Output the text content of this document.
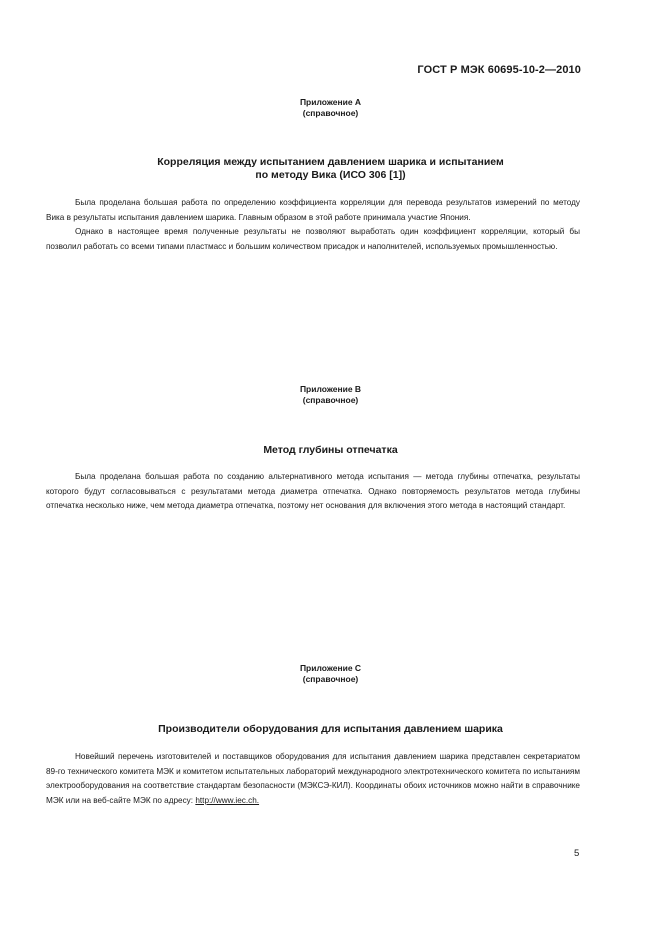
ГОСТ Р МЭК 60695-10-2—2010
Приложение А
(справочное)
Корреляция между испытанием давлением шарика и испытанием
по методу Вика (ИСО 306 [1])

Была проделана большая работа по определению коэффициента корреляции для перевода результатов измерений по методу Вика в результаты испытания давлением шарика. Главным образом в этой работе принимала участие Япония.

Однако в настоящее время полученные результаты не позволяют выработать один коэффициент корреляции, который бы позволил работать со всеми типами пластмасс и большим количеством присадок и наполнителей, используемых промышленностью.

Приложение В
(справочное)
Метод глубины отпечатка

Была проделана большая работа по созданию альтернативного метода испытания — метода глубины отпечатка, результаты которого будут согласовываться с результатами метода диаметра отпечатка. Однако повторяемость результатов метода глубины отпечатка несколько ниже, чем метода диаметра отпечатка, поэтому нет основания для включения этого метода в настоящий стандарт.

Приложение С
(справочное)
Производители оборудования для испытания давлением шарика

Новейший перечень изготовителей и поставщиков оборудования для испытания давлением шарика представлен секретариатом 89-го технического комитета МЭК и комитетом испытательных лабораторий международного электротехнического комитета по испытаниям электрооборудования на соответствие стандартам безопасности (МЭКСЭ-КИЛ). Координаты обоих источников можно найти в справочнике МЭК или на веб-сайте МЭК по адресу: http://www.iec.ch.

5
